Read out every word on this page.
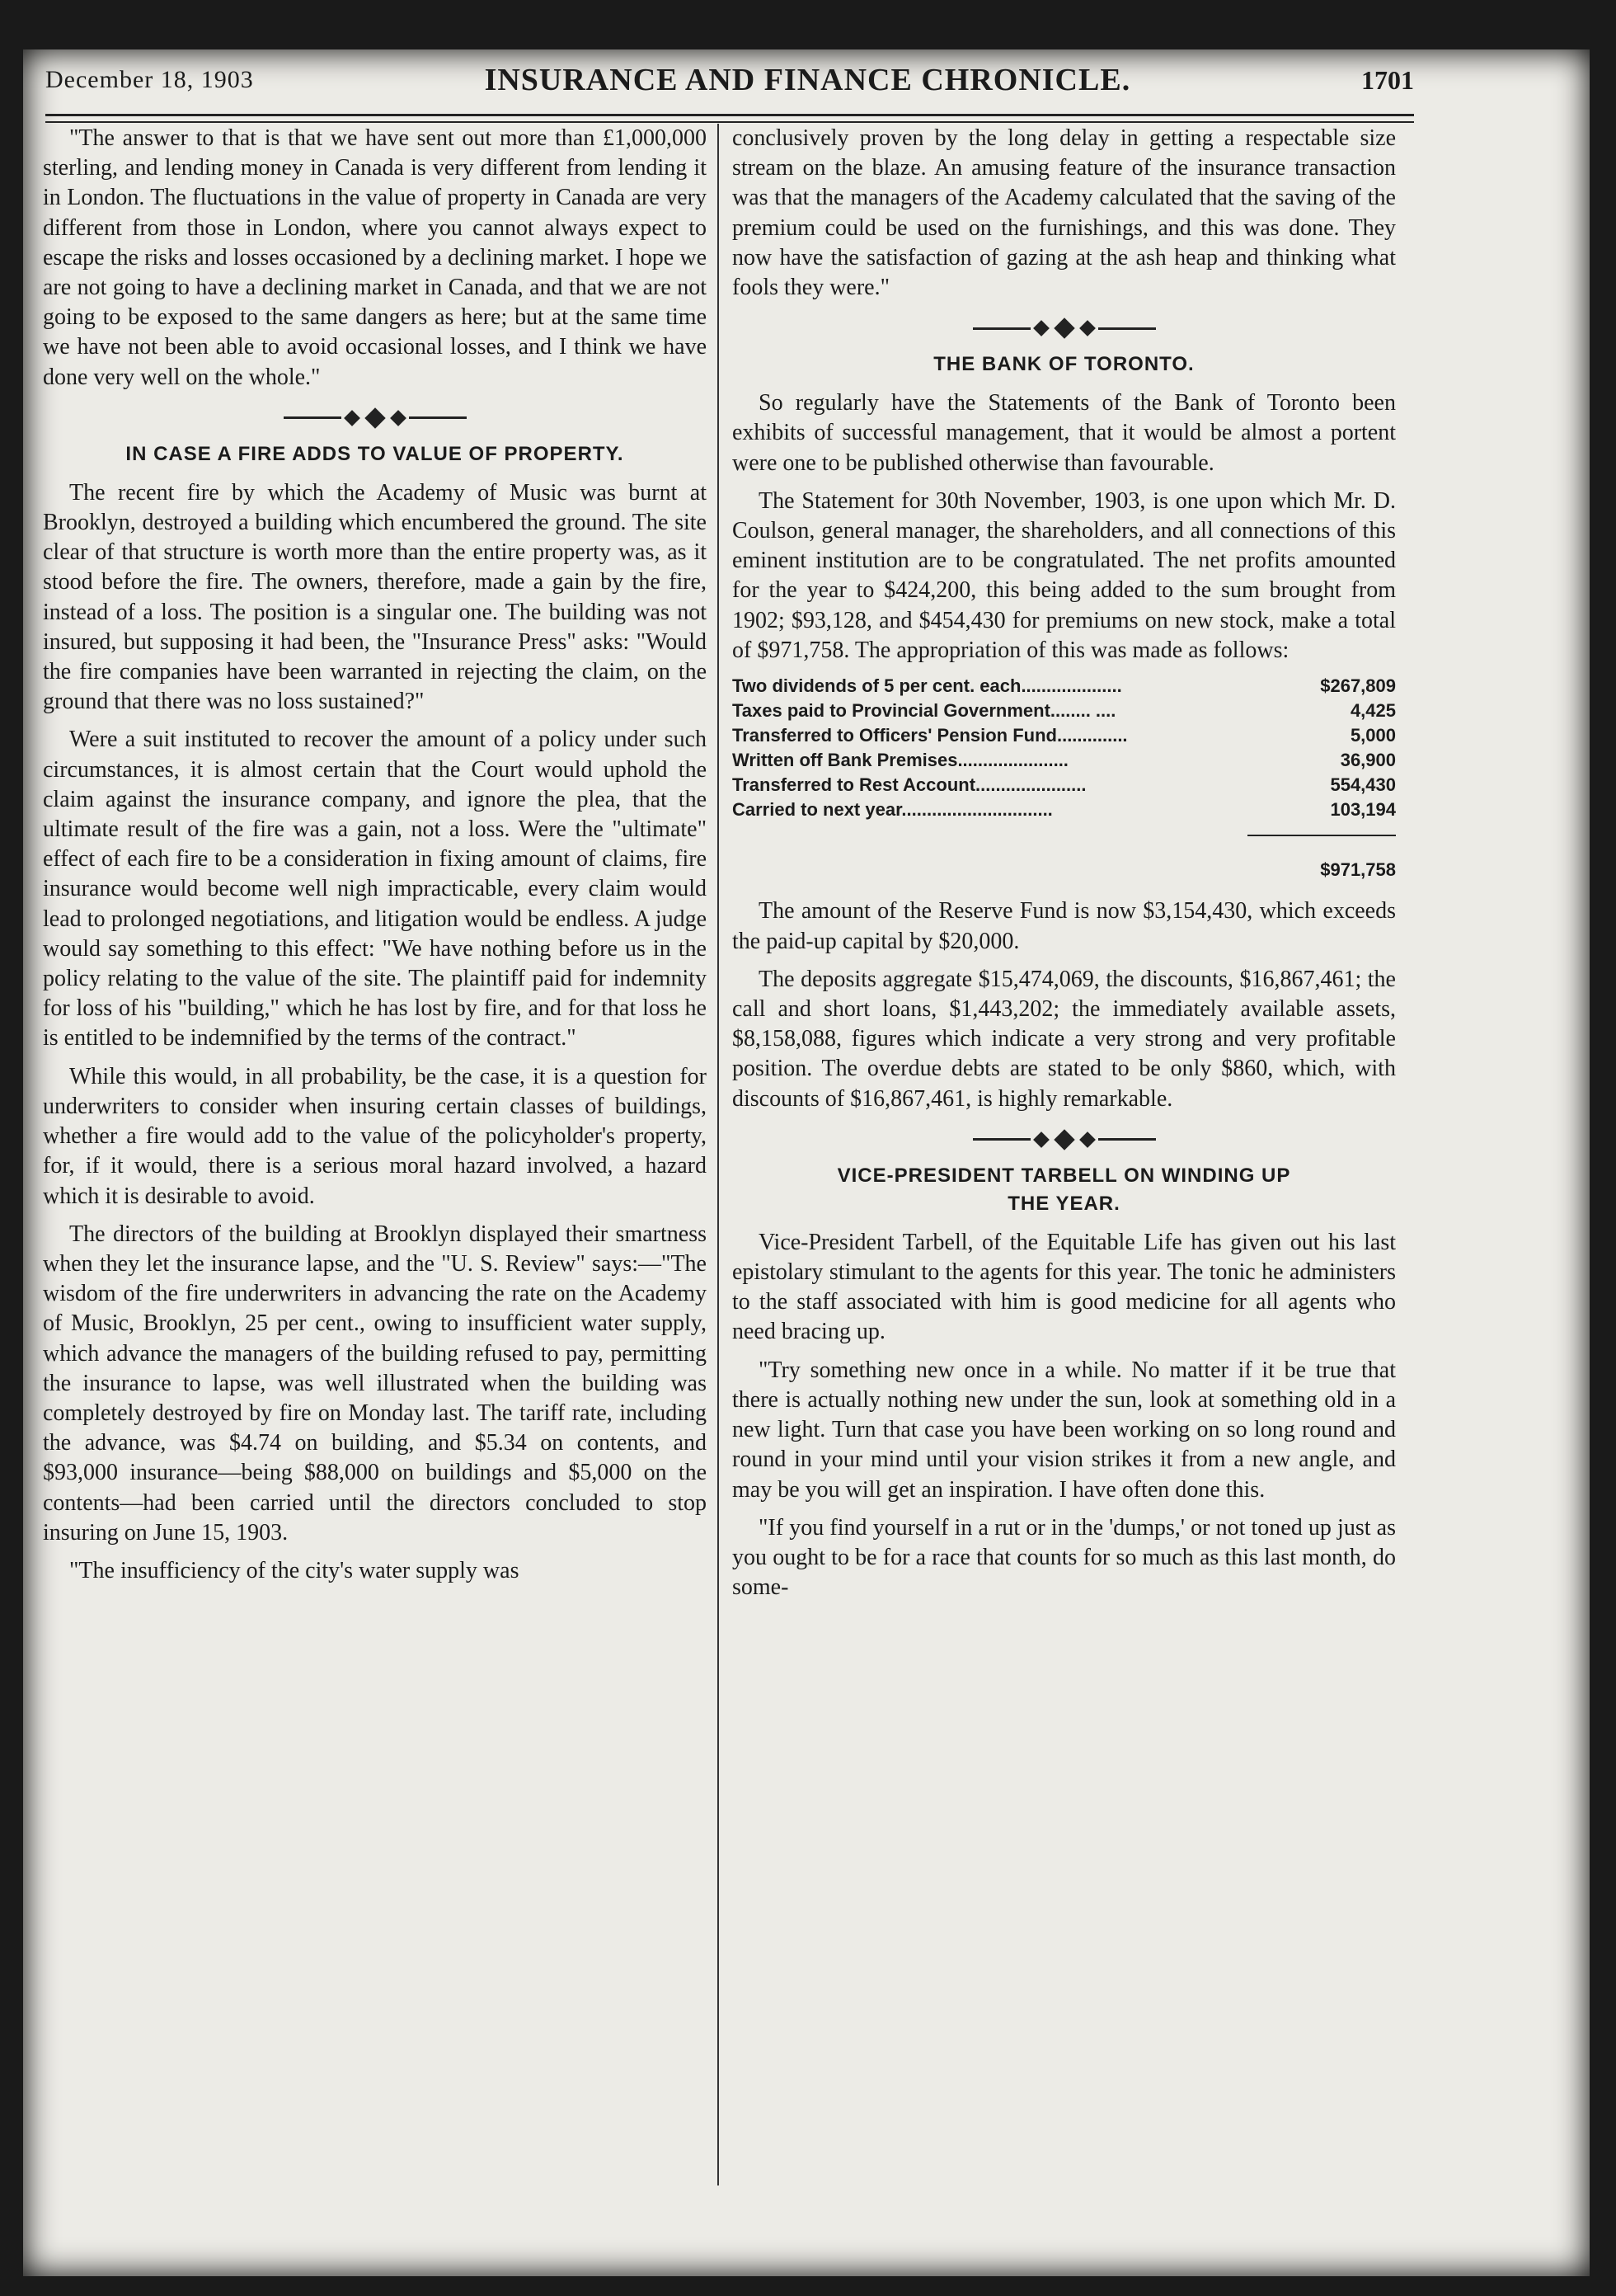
December 18, 1903	INSURANCE AND FINANCE CHRONICLE.	1701

"The answer to that is that we have sent out more than £1,000,000 sterling, and lending money in Canada is very different from lending it in London. The fluctuations in the value of property in Canada are very different from those in London, where you cannot always expect to escape the risks and losses occasioned by a declining market. I hope we are not going to have a declining market in Canada, and that we are not going to be exposed to the same dangers as here; but at the same time we have not been able to avoid occasional losses, and I think we have done very well on the whole."

IN CASE A FIRE ADDS TO VALUE OF PROPERTY.

The recent fire by which the Academy of Music was burnt at Brooklyn, destroyed a building which encumbered the ground. The site clear of that structure is worth more than the entire property was, as it stood before the fire. The owners, therefore, made a gain by the fire, instead of a loss. The position is a singular one. The building was not insured, but supposing it had been, the "Insurance Press" asks: "Would the fire companies have been warranted in rejecting the claim, on the ground that there was no loss sustained?"

Were a suit instituted to recover the amount of a policy under such circumstances, it is almost certain that the Court would uphold the claim against the insurance company, and ignore the plea, that the ultimate result of the fire was a gain, not a loss. Were the "ultimate" effect of each fire to be a consideration in fixing amount of claims, fire insurance would become well nigh impracticable, every claim would lead to prolonged negotiations, and litigation would be endless. A judge would say something to this effect: "We have nothing before us in the policy relating to the value of the site. The plaintiff paid for indemnity for loss of his "building," which he has lost by fire, and for that loss he is entitled to be indemnified by the terms of the contract."

While this would, in all probability, be the case, it is a question for underwriters to consider when insuring certain classes of buildings, whether a fire would add to the value of the policyholder's property, for, if it would, there is a serious moral hazard involved, a hazard which it is desirable to avoid.

The directors of the building at Brooklyn displayed their smartness when they let the insurance lapse, and the "U. S. Review" says:—"The wisdom of the fire underwriters in advancing the rate on the Academy of Music, Brooklyn, 25 per cent., owing to insufficient water supply, which advance the managers of the building refused to pay, permitting the insurance to lapse, was well illustrated when the building was completely destroyed by fire on Monday last. The tariff rate, including the advance, was $4.74 on building, and $5.34 on contents, and $93,000 insurance—being $88,000 on buildings and $5,000 on the contents—had been carried until the directors concluded to stop insuring on June 15, 1903.

"The insufficiency of the city's water supply was

conclusively proven by the long delay in getting a respectable size stream on the blaze. An amusing feature of the insurance transaction was that the managers of the Academy calculated that the saving of the premium could be used on the furnishings, and this was done. They now have the satisfaction of gazing at the ash heap and thinking what fools they were."

THE BANK OF TORONTO.

So regularly have the Statements of the Bank of Toronto been exhibits of successful management, that it would be almost a portent were one to be published otherwise than favourable.

The Statement for 30th November, 1903, is one upon which Mr. D. Coulson, general manager, the shareholders, and all connections of this eminent institution are to be congratulated. The net profits amounted for the year to $424,200, this being added to the sum brought from 1902; $93,128, and $454,430 for premiums on new stock, make a total of $971,758. The appropriation of this was made as follows:

Two dividends of 5 per cent. each....................	$267,809
Taxes paid to Provincial Government........ ....	4,425
Transferred to Officers' Pension Fund..............	5,000
Written off Bank Premises......................	36,900
Transferred to Rest Account......................	554,430
Carried to next year..............................	103,194

$971,758

The amount of the Reserve Fund is now $3,154,430, which exceeds the paid-up capital by $20,000.

The deposits aggregate $15,474,069, the discounts, $16,867,461; the call and short loans, $1,443,202; the immediately available assets, $8,158,088, figures which indicate a very strong and very profitable position. The overdue debts are stated to be only $860, which, with discounts of $16,867,461, is highly remarkable.

VICE-PRESIDENT TARBELL ON WINDING UP
THE YEAR.

Vice-President Tarbell, of the Equitable Life has given out his last epistolary stimulant to the agents for this year. The tonic he administers to the staff associated with him is good medicine for all agents who need bracing up.

"Try something new once in a while. No matter if it be true that there is actually nothing new under the sun, look at something old in a new light. Turn that case you have been working on so long round and round in your mind until your vision strikes it from a new angle, and may be you will get an inspiration. I have often done this.

"If you find yourself in a rut or in the 'dumps,' or not toned up just as you ought to be for a race that counts for so much as this last month, do some-
